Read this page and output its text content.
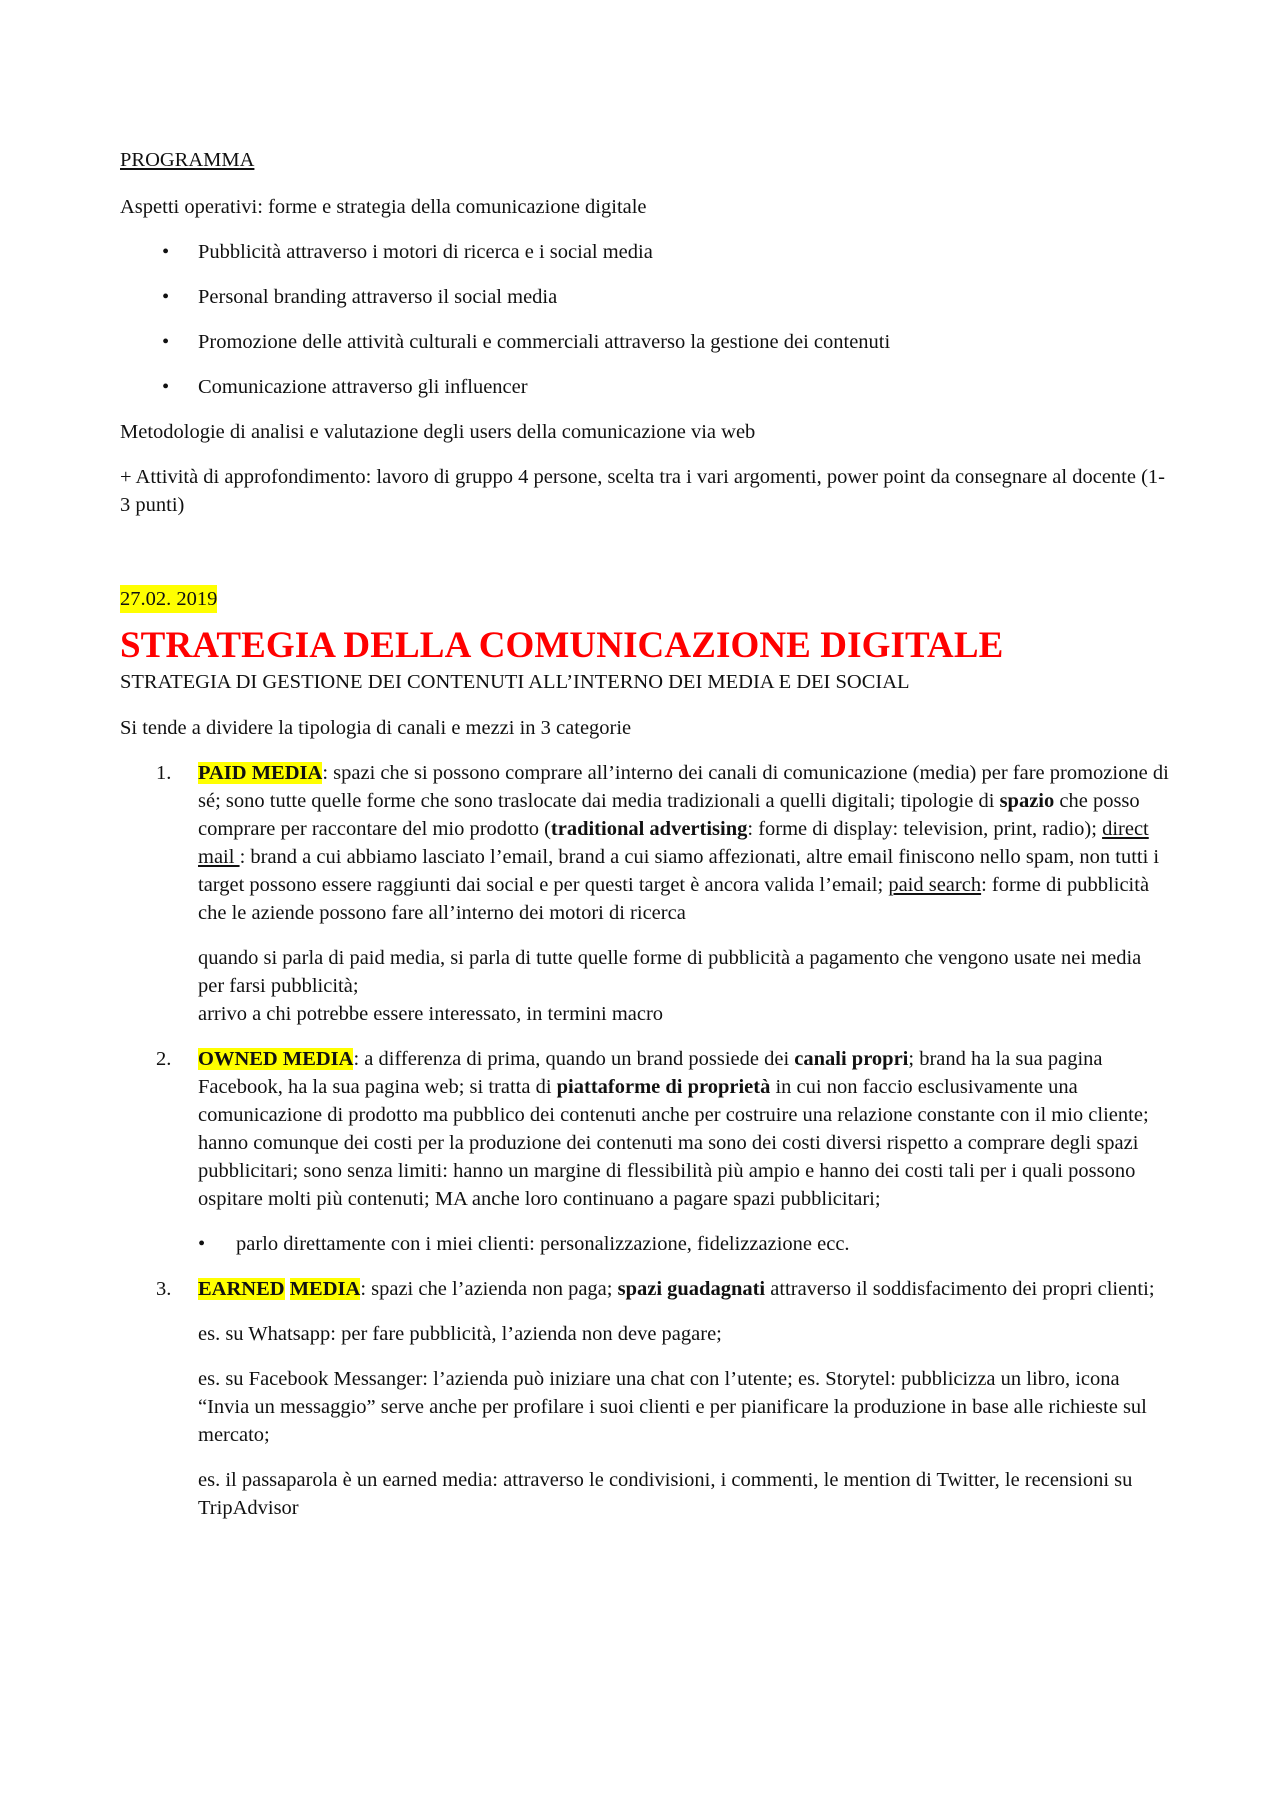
PROGRAMMA

Aspetti operativi: forme e strategia della comunicazione digitale

• Pubblicità attraverso i motori di ricerca e i social media
• Personal branding attraverso il social media
• Promozione delle attività culturali e commerciali attraverso la gestione dei contenuti
• Comunicazione attraverso gli influencer

Metodologie di analisi e valutazione degli users della comunicazione via web

+ Attività di approfondimento: lavoro di gruppo 4 persone, scelta tra i vari argomenti, power point da consegnare al docente (1-3 punti)

27.02. 2019

STRATEGIA DELLA COMUNICAZIONE DIGITALE

STRATEGIA DI GESTIONE DEI CONTENUTI ALL’INTERNO DEI MEDIA E DEI SOCIAL

Si tende a dividere la tipologia di canali e mezzi in 3 categorie

1. PAID MEDIA: spazi che si possono comprare all’interno dei canali di comunicazione (media) per fare promozione di sé; sono tutte quelle forme che sono traslocate dai media tradizionali a quelli digitali; tipologie di spazio che posso comprare per raccontare del mio prodotto (traditional advertising: forme di display: television, print, radio); direct mail : brand a cui abbiamo lasciato l’email, brand a cui siamo affezionati, altre email finiscono nello spam, non tutti i target possono essere raggiunti dai social e per questi target è ancora valida l’email; paid search: forme di pubblicità che le aziende possono fare all’interno dei motori di ricerca

quando si parla di paid media, si parla di tutte quelle forme di pubblicità a pagamento che vengono usate nei media per farsi pubblicità;
arrivo a chi potrebbe essere interessato, in termini macro

2. OWNED MEDIA: a differenza di prima, quando un brand possiede dei canali propri; brand ha la sua pagina Facebook, ha la sua pagina web; si tratta di piattaforme di proprietà in cui non faccio esclusivamente una comunicazione di prodotto ma pubblico dei contenuti anche per costruire una relazione constante con il mio cliente; hanno comunque dei costi per la produzione dei contenuti ma sono dei costi diversi rispetto a comprare degli spazi pubblicitari; sono senza limiti: hanno un margine di flessibilità più ampio e hanno dei costi tali per i quali possono ospitare molti più contenuti; MA anche loro continuano a pagare spazi pubblicitari;

• parlo direttamente con i miei clienti: personalizzazione, fidelizzazione ecc.
3. EARNED MEDIA: spazi che l’azienda non paga; spazi guadagnati attraverso il soddisfacimento dei propri clienti;

es. su Whatsapp: per fare pubblicità, l’azienda non deve pagare;

es. su Facebook Messanger: l’azienda può iniziare una chat con l’utente; es. Storytel: pubblicizza un libro, icona “Invia un messaggio” serve anche per profilare i suoi clienti e per pianificare la produzione in base alle richieste sul mercato;

es. il passaparola è un earned media: attraverso le condivisioni, i commenti, le mention di Twitter, le recensioni su TripAdvisor
